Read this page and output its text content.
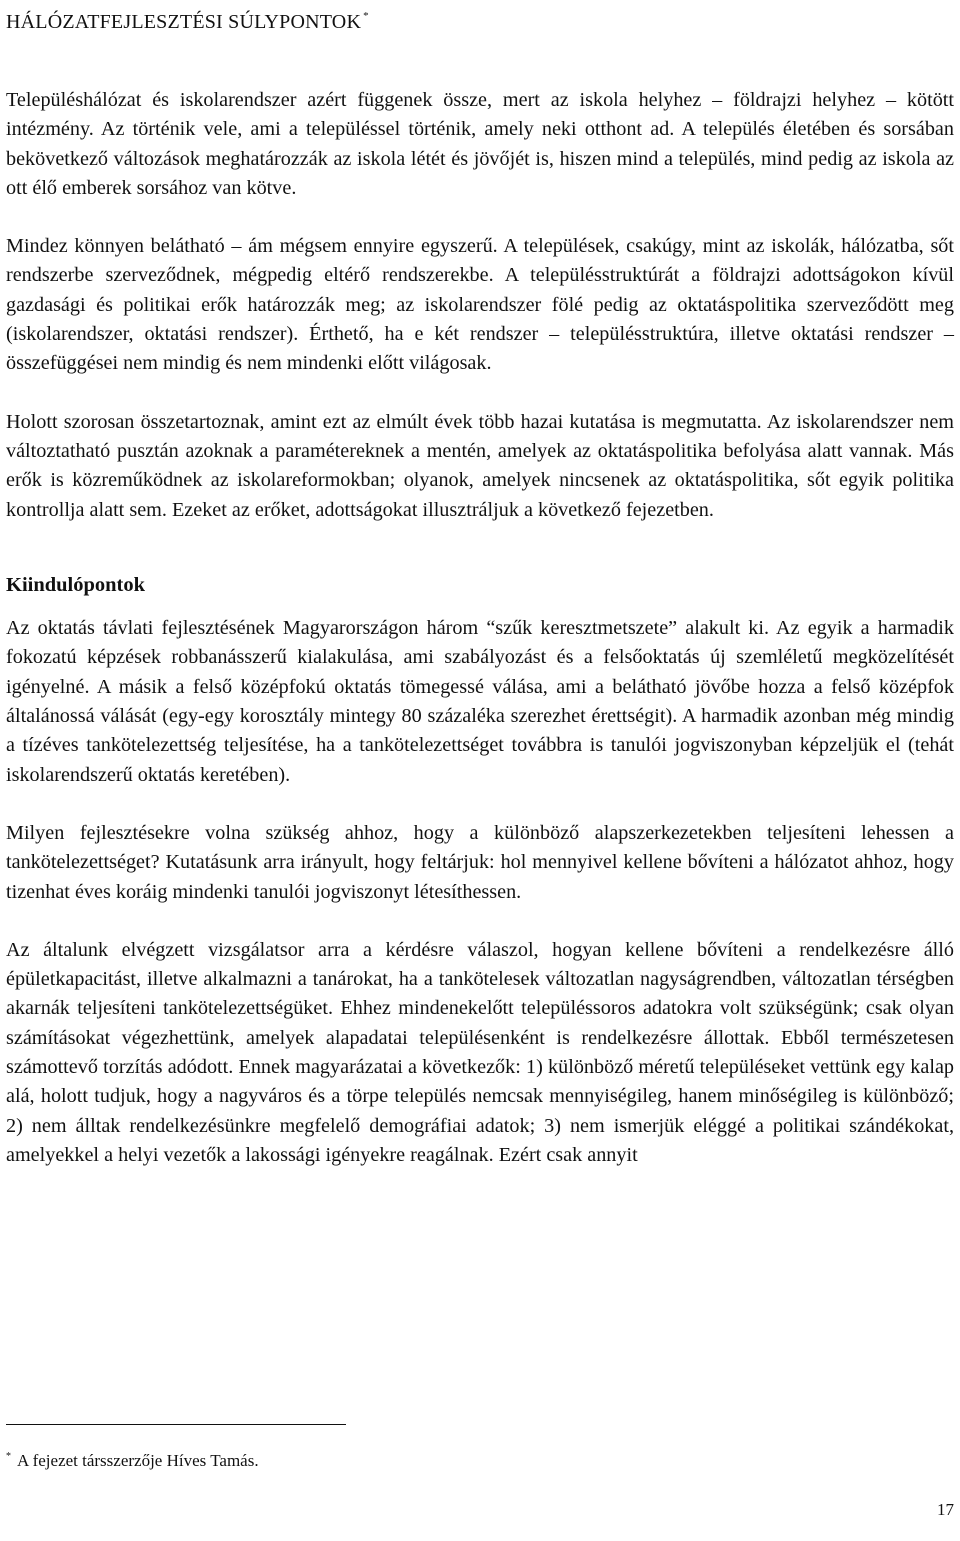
HÁLÓZATFEJLESZTÉSI SÚLYPONTOK *

Településhálózat és iskolarendszer azért függenek össze, mert az iskola helyhez – földrajzi helyhez – kötött intézmény. Az történik vele, ami a településsel történik, amely neki otthont ad. A település életében és sorsában bekövetkező változások meghatározzák az iskola létét és jövőjét is, hiszen mind a település, mind pedig az iskola az ott élő emberek sorsához van kötve.

Mindez könnyen belátható – ám mégsem ennyire egyszerű. A települések, csakúgy, mint az iskolák, hálózatba, sőt rendszerbe szerveződnek, mégpedig eltérő rendszerekbe. A településstruktúrát a földrajzi adottságokon kívül gazdasági és politikai erők határozzák meg; az iskolarendszer fölé pedig az oktatáspolitika szerveződött meg (iskolarendszer, oktatási rendszer). Érthető, ha e két rendszer – településstruktúra, illetve oktatási rendszer – összefüggései nem mindig és nem mindenki előtt világosak.

Holott szorosan összetartoznak, amint ezt az elmúlt évek több hazai kutatása is megmutatta. Az iskolarendszer nem változtatható pusztán azoknak a paramétereknek a mentén, amelyek az oktatáspolitika befolyása alatt vannak. Más erők is közreműködnek az iskolareformokban; olyanok, amelyek nincsenek az oktatáspolitika, sőt egyik politika kontrollja alatt sem. Ezeket az erőket, adottságokat illusztráljuk a következő fejezetben.

Kiindulópontok

Az oktatás távlati fejlesztésének Magyarországon három “szűk keresztmetszete” alakult ki. Az egyik a harmadik fokozatú képzések robbanásszerű kialakulása, ami szabályozást és a felsőoktatás új szemléletű megközelítését igényelné. A másik a felső középfokú oktatás tömegessé válása, ami a belátható jövőbe hozza a felső középfok általánossá válását (egy-egy korosztály mintegy 80 százaléka szerezhet érettségit). A harmadik azonban még mindig a tízéves tankötelezettség teljesítése, ha a tankötelezettséget továbbra is tanulói jogviszonyban képzeljük el (tehát iskolarendszerű oktatás keretében).

Milyen fejlesztésekre volna szükség ahhoz, hogy a különböző alapszerkezetekben teljesíteni lehessen a tankötelezettséget? Kutatásunk arra irányult, hogy feltárjuk: hol mennyivel kellene bővíteni a hálózatot ahhoz, hogy tizenhat éves koráig mindenki tanulói jogviszonyt létesíthessen.

Az általunk elvégzett vizsgálatsor arra a kérdésre válaszol, hogyan kellene bővíteni a rendelkezésre álló épületkapacitást, illetve alkalmazni a tanárokat, ha a tankötelesek változatlan nagyságrendben, változatlan térségben akarnák teljesíteni tankötelezettségüket. Ehhez mindenekelőtt településsoros adatokra volt szükségünk; csak olyan számításokat végezhettünk, amelyek alapadatai településenként is rendelkezésre állottak. Ebből természetesen számottevő torzítás adódott. Ennek magyarázatai a következők: 1) különböző méretű településeket vettünk egy kalap alá, holott tudjuk, hogy a nagyváros és a törpe település nemcsak mennyiségileg, hanem minőségileg is különböző; 2) nem álltak rendelkezésünkre megfelelő demográfiai adatok; 3) nem ismerjük eléggé a politikai szándékokat, amelyekkel a helyi vezetők a lakossági igényekre reagálnak. Ezért csak annyit

* A fejezet társszerzője Híves Tamás.

17
